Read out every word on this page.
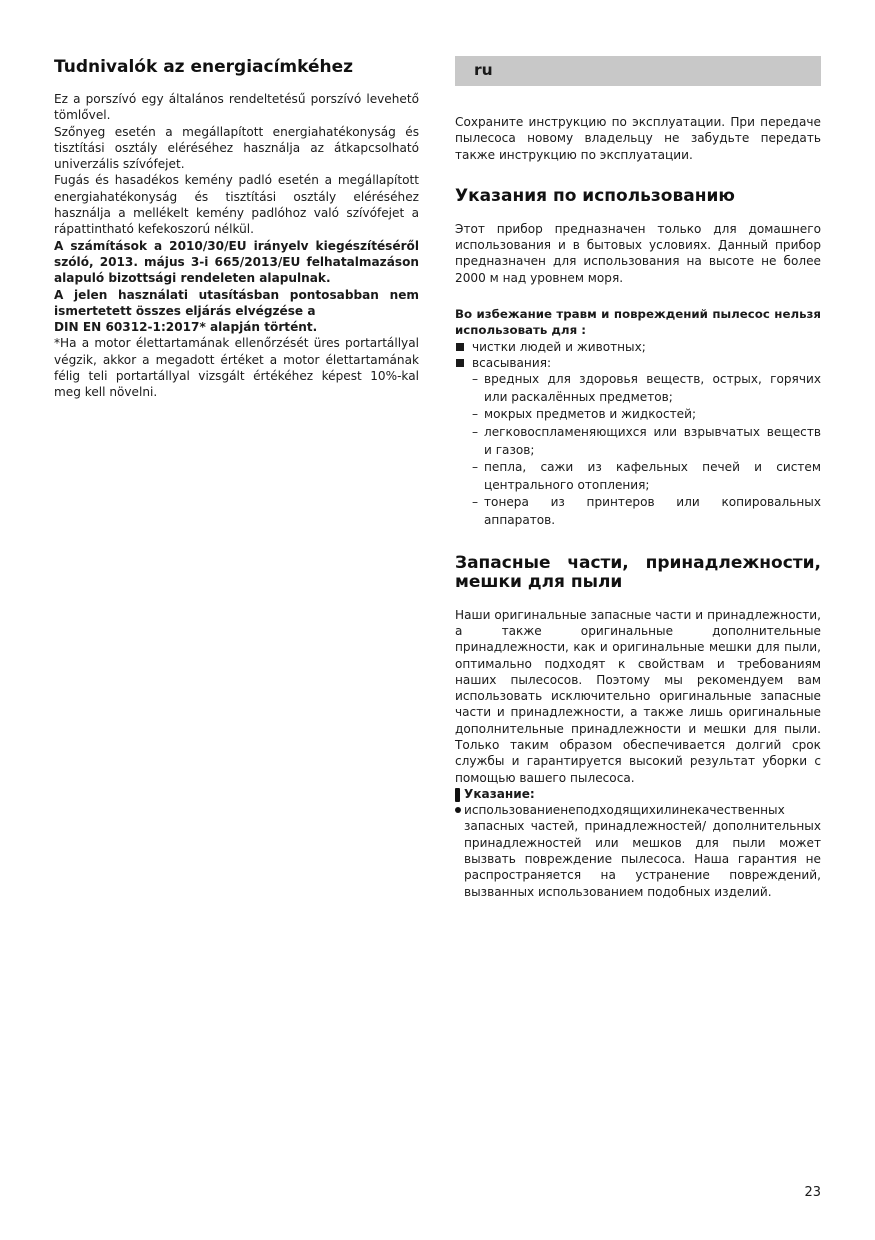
Tudnivalók az energiacímkéhez

Ez a porszívó egy általános rendeltetésű porszívó levehető tömlővel.

Szőnyeg esetén a megállapított energiahatékonyság és tisztítási osztály eléréséhez használja az átkapcsolható univerzális szívófejet.

Fugás és hasadékos kemény padló esetén a megállapított energiahatékonyság és tisztítási osztály eléréséhez használja a mellékelt kemény padlóhoz való szívófejet a rápattintható kefekoszorú nélkül.

A számítások a 2010/30/EU irányelv kiegészítéséről szóló, 2013. május 3-i 665/2013/EU felhatalmazáson alapuló bizottsági rendeleten alapulnak.

A jelen használati utasításban pontosabban nem ismertetett összes eljárás elvégzése a

DIN EN 60312-1:2017* alapján történt.

*Ha a motor élettartamának ellenőrzését üres portartállyal végzik, akkor a megadott értéket a motor élettartamának félig teli portartállyal vizsgált értékéhez képest 10%-kal meg kell növelni.

ru

Сохраните инструкцию по эксплуатации. При передаче пылесоса новому владельцу не забудьте передать также инструкцию по эксплуатации.

Указания по использованию

Этот прибор предназначен только для домашнего использования и в бытовых условиях. Данный прибор предназначен для использования на высоте не более 2000 м над уровнем моря.

Во избежание травм и повреждений пылесос нельзя использовать для :

чистки людей и животных;
всасывания:
– вредных для здоровья веществ, острых, горячих или раскалённых предметов;
– мокрых предметов и жидкостей;
– легковоспламеняющихся или взрывчатых веществ и газов;
– пепла, сажи из кафельных печей и систем центрального отопления;
– тонера из принтеров или копировальных аппаратов.
Запасные части, принадлежности, мешки для пыли

Наши оригинальные запасные части и принадлежности, а также оригинальные дополнительные принадлежности, как и оригинальные мешки для пыли, оптимально подходят к свойствам и требованиям наших пылесосов. Поэтому мы рекомендуем вам использовать исключительно оригинальные запасные части и принадлежности, а также лишь оригинальные дополнительные принадлежности и мешки для пыли. Только таким образом обеспечивается долгий срок службы и гарантируется высокий результат уборки с помощью вашего пылесоса.

Указание:
использованиенеподходящихилинекачественных запасных частей, принадлежностей/ дополнительных принадлежностей или мешков для пыли может вызвать повреждение пылесоса. Наша гарантия не распространяется на устранение повреждений, вызванных использованием подобных изделий.
23
